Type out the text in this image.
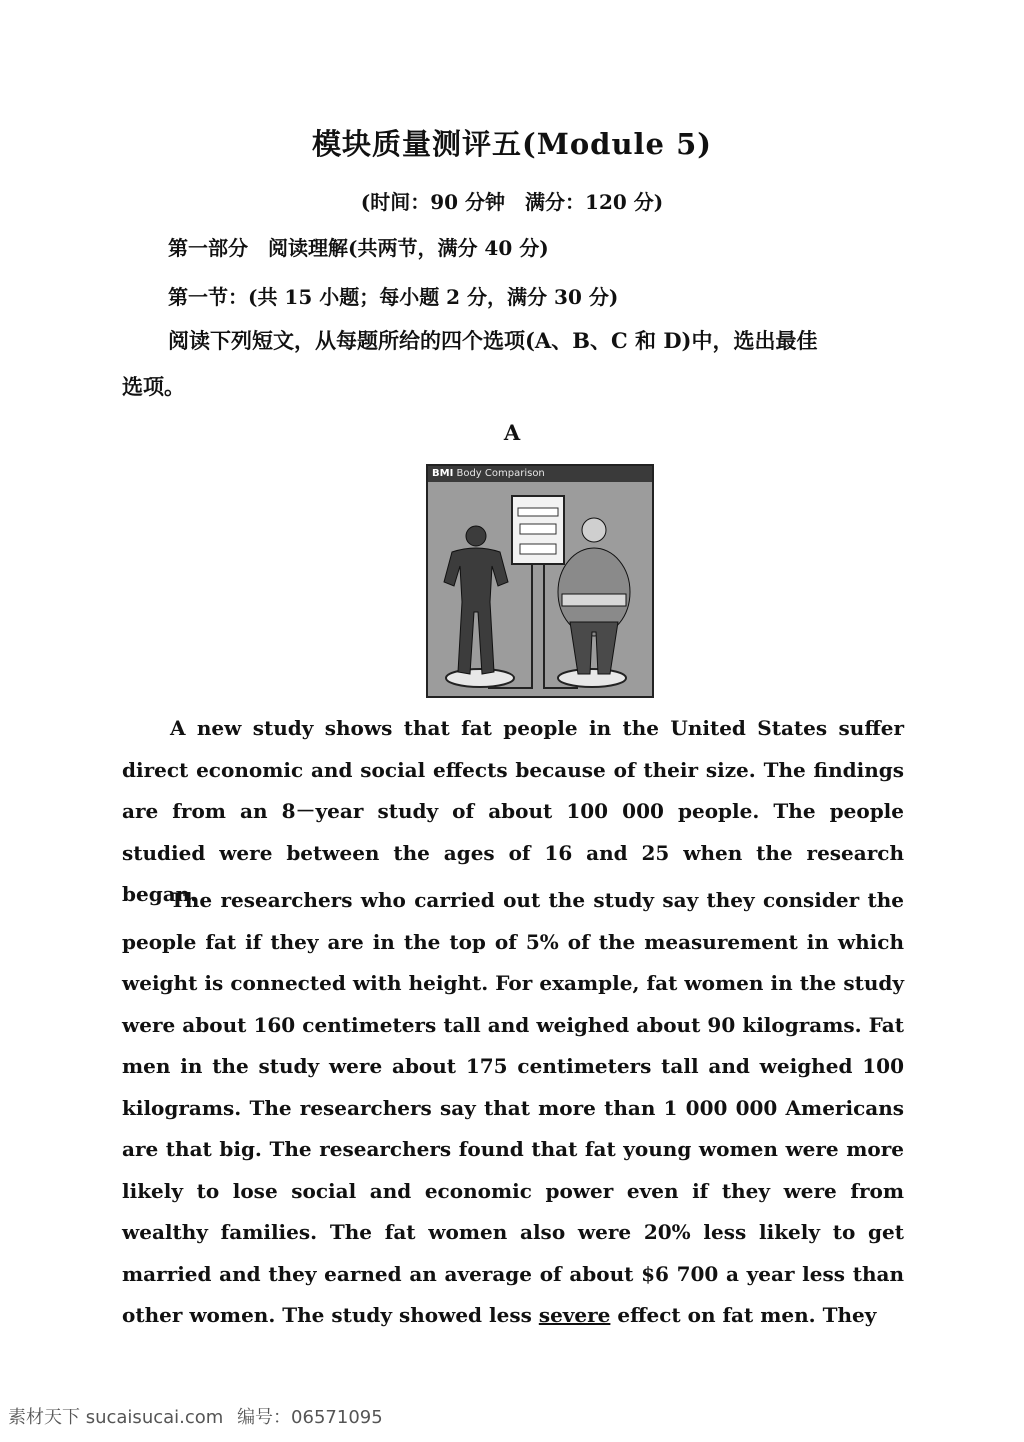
模块质量测评五(Module 5)
(时间：90 分钟　满分：120 分)
第一部分　阅读理解(共两节，满分 40 分)
第一节：(共 15 小题；每小题 2 分，满分 30 分)
阅读下列短文，从每题所给的四个选项(A、B、C 和 D)中，选出最佳
选项。
A
BMI Body Comparison

A new study shows that fat people in the United States suffer direct economic and social effects because of their size. The findings are from an 8－year study of about 100 000 people. The people studied were between the ages of 16 and 25 when the research began.

The researchers who carried out the study say they consider the people fat if they are in the top of 5% of the measurement in which weight is connected with height. For example, fat women in the study were about 160 centimeters tall and weighed about 90 kilograms. Fat men in the study were about 175 centimeters tall and weighed 100 kilograms. The researchers say that more than 1 000 000 Americans are that big. The researchers found that fat young women were more likely to lose social and economic power even if they were from wealthy families. The fat women also were 20% less likely to get married and they earned an average of about $6 700 a year less than other women. The study showed less severe effect on fat men. They

素材天下 sucaisucai.com 编号：06571095
